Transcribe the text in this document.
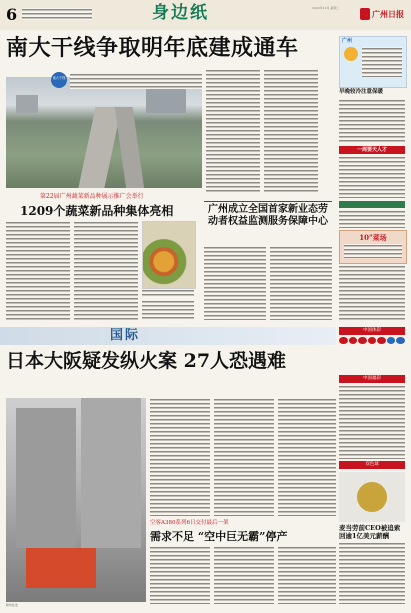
6	身边纸	2022年12月 星期二
广州日报
南大干线争取明年底建成通车
南大干线
第22届广州蔬菜新品种展示推广会举行
1209个蔬菜新品种集体亮相	广州成立全国首家新业态劳动者权益监测服务保障中心
广州
早晚较冷注意保暖
一周要天人才
10"菜场
国际
日本大阪疑发纵火案 27人恐遇难
新华社发
空客A380系列6日交付最后一架
需求不足 “空中巨无霸”停产
中国体彩
中国福彩
双色球
麦当劳前CEO被追索回逾1亿美元薪酬
